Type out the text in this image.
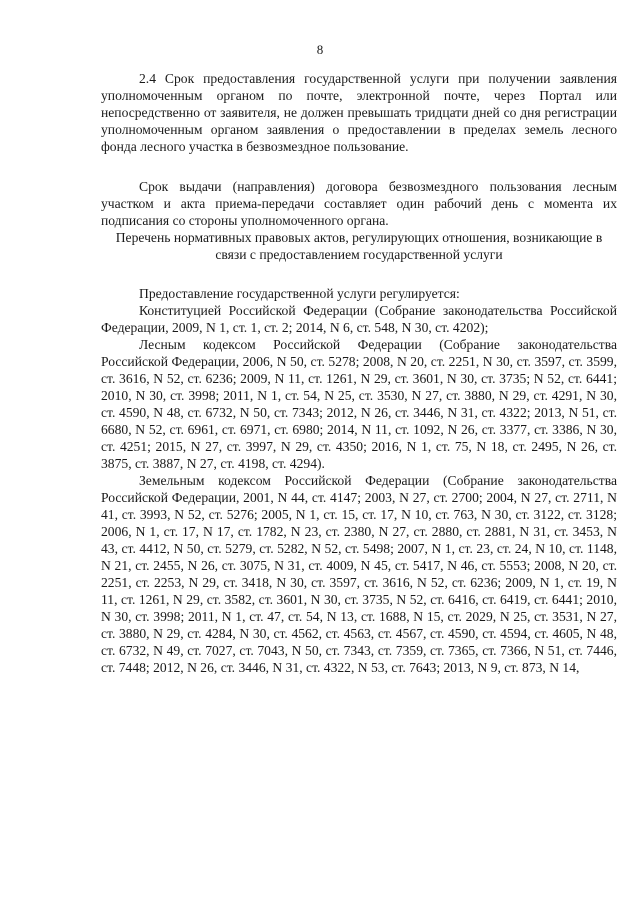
8

2.4 Срок предоставления государственной услуги при получении заявления уполномоченным органом по почте, электронной почте, через Портал или непосредственно от заявителя, не должен превышать тридцати дней со дня регистрации уполномоченным органом заявления о предоставлении в пределах земель лесного фонда лесного участка в безвозмездное пользование.

Срок выдачи (направления) договора безвозмездного пользования лесным участком и акта приема-передачи составляет один рабочий день с момента их подписания со стороны уполномоченного органа.

Перечень нормативных правовых актов, регулирующих отношения, возникающие в связи с предоставлением государственной услуги

Предоставление государственной услуги регулируется:

Конституцией Российской Федерации (Собрание законодательства Российской Федерации, 2009, N 1, ст. 1, ст. 2; 2014, N 6, ст. 548, N 30, ст. 4202);

Лесным кодексом Российской Федерации (Собрание законодательства Российской Федерации, 2006, N 50, ст. 5278; 2008, N 20, ст. 2251, N 30, ст. 3597, ст. 3599, ст. 3616, N 52, ст. 6236; 2009, N 11, ст. 1261, N 29, ст. 3601, N 30, ст. 3735; N 52, ст. 6441; 2010, N 30, ст. 3998; 2011, N 1, ст. 54, N 25, ст. 3530, N 27, ст. 3880, N 29, ст. 4291, N 30, ст. 4590, N 48, ст. 6732, N 50, ст. 7343; 2012, N 26, ст. 3446, N 31, ст. 4322; 2013, N 51, ст. 6680, N 52, ст. 6961, ст. 6971, ст. 6980; 2014, N 11, ст. 1092, N 26, ст. 3377, ст. 3386, N 30, ст. 4251; 2015, N 27, ст. 3997, N 29, ст. 4350; 2016, N 1, ст. 75, N 18, ст. 2495, N 26, ст. 3875, ст. 3887, N 27, ст. 4198, ст. 4294).

Земельным кодексом Российской Федерации (Собрание законодательства Российской Федерации, 2001, N 44, ст. 4147; 2003, N 27, ст. 2700; 2004, N 27, ст. 2711, N 41, ст. 3993, N 52, ст. 5276; 2005, N 1, ст. 15, ст. 17, N 10, ст. 763, N 30, ст. 3122, ст. 3128; 2006, N 1, ст. 17, N 17, ст. 1782, N 23, ст. 2380, N 27, ст. 2880, ст. 2881, N 31, ст. 3453, N 43, ст. 4412, N 50, ст. 5279, ст. 5282, N 52, ст. 5498; 2007, N 1, ст. 23, ст. 24, N 10, ст. 1148, N 21, ст. 2455, N 26, ст. 3075, N 31, ст. 4009, N 45, ст. 5417, N 46, ст. 5553; 2008, N 20, ст. 2251, ст. 2253, N 29, ст. 3418, N 30, ст. 3597, ст. 3616, N 52, ст. 6236; 2009, N 1, ст. 19, N 11, ст. 1261, N 29, ст. 3582, ст. 3601, N 30, ст. 3735, N 52, ст. 6416, ст. 6419, ст. 6441; 2010, N 30, ст. 3998; 2011, N 1, ст. 47, ст. 54, N 13, ст. 1688, N 15, ст. 2029, N 25, ст. 3531, N 27, ст. 3880, N 29, ст. 4284, N 30, ст. 4562, ст. 4563, ст. 4567, ст. 4590, ст. 4594, ст. 4605, N 48, ст. 6732, N 49, ст. 7027, ст. 7043, N 50, ст. 7343, ст. 7359, ст. 7365, ст. 7366, N 51, ст. 7446, ст. 7448; 2012, N 26, ст. 3446, N 31, ст. 4322, N 53, ст. 7643; 2013, N 9, ст. 873, N 14,
